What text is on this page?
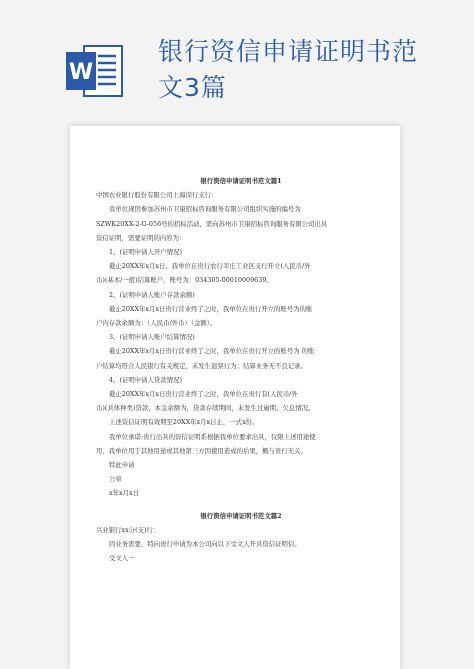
W
银行资信申请证明书范
文3篇

银行资信申请证明书范文篇1

中国农业银行股份有限公司上海闵行支行：

我单位现因参加苏州市卫康招标咨询服务有限公司组织实施的编号为

SZWK20XX-2-G-056号的招标活动，需向苏州市卫康招标咨询服务有限公司出具

资信证明，需要证明的内容为：

1、(证明申请人开户情况)

截止20XX年x月x日，我单位在贵行农行莘庄工业区支行开立(人民币/外

币)(基本/一般)结算账户，账号为：034305-00010009639。

2、(证明申请人账户存款余额)

截止20XX年x月x日贵行营业终了之时，我单位在贵行开立的账号为的账

户内存款余额为：（人民币/外币）（金额）。

3、(证明申请人账户结算情况)

截止20XX年x月x日贵行营业终了之时，我单位在贵行开立的账号为 的账

户结算均符合人民银行有关规定，未发生退票行为；结算业务无不良记录。

4、(证明申请人贷款情况)

截止20XX年x月x日贵行营业终了之时，我单位在贵行有(人民币/外

币)(具体种类)贷款，本金余额为，贷款存续期间，未发生过逾期、欠息情况。

上述资信证明有效期至20XX年x月x日止，一式x份。

我单位承诺:贵行出具的资信证明系根据我单位要求出具，仅限上述用途使

用，我单位用于其他用途或其他第三方因使用造成的后果，概与贵行无关。

特此申请

公章

x年x月x日

银行资信申请证明书范文篇2

兴业银行xx分(支)行：

因业务需要，特向贵行申请为本公司向以下受文人开具资信证明信。

受文人一
